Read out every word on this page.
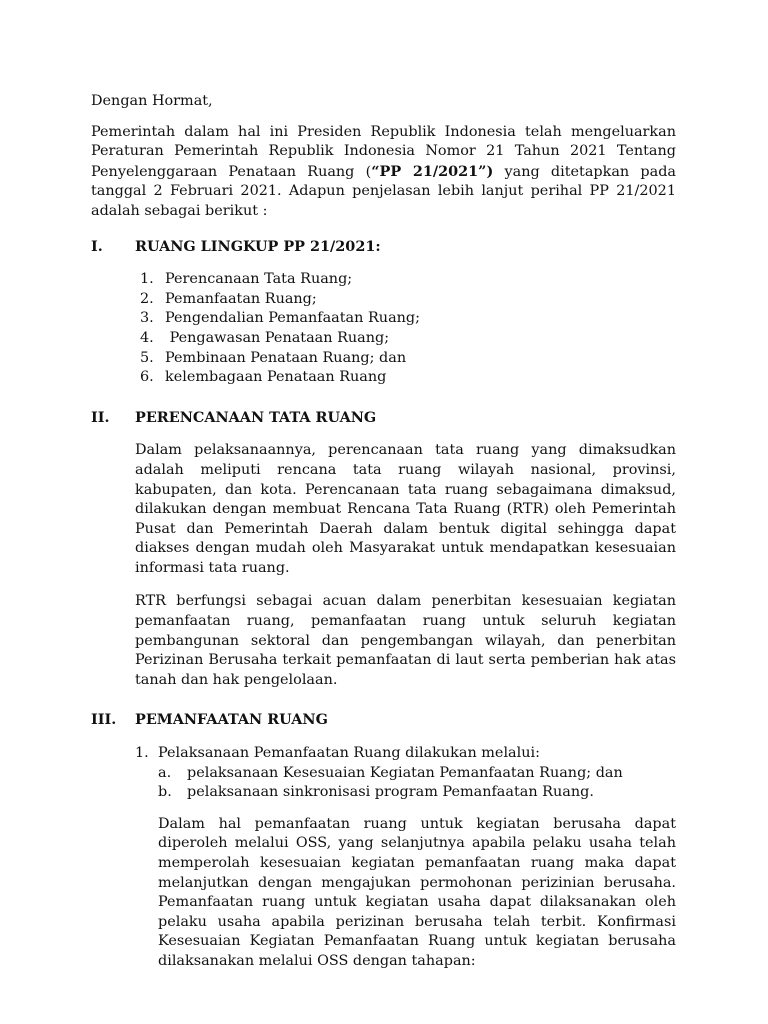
Dengan Hormat,

Pemerintah dalam hal ini Presiden Republik Indonesia telah mengeluarkan Peraturan Pemerintah Republik Indonesia Nomor 21 Tahun 2021 Tentang Penyelenggaraan Penataan Ruang (“PP 21/2021”) yang ditetapkan pada tanggal 2 Februari 2021. Adapun penjelasan lebih lanjut perihal PP 21/2021 adalah sebagai berikut :

I.	RUANG LINGKUP PP 21/2021:
1. Perencanaan Tata Ruang;
2. Pemanfaatan Ruang;
3. Pengendalian Pemanfaatan Ruang;
4. Pengawasan Penataan Ruang;
5. Pembinaan Penataan Ruang; dan
6. kelembagaan Penataan Ruang
II.	PERENCANAAN TATA RUANG

Dalam pelaksanaannya, perencanaan tata ruang yang dimaksudkan adalah meliputi rencana tata ruang wilayah nasional, provinsi, kabupaten, dan kota. Perencanaan tata ruang sebagaimana dimaksud, dilakukan dengan membuat Rencana Tata Ruang (RTR) oleh Pemerintah Pusat dan Pemerintah Daerah dalam bentuk digital sehingga dapat diakses dengan mudah oleh Masyarakat untuk mendapatkan kesesuaian informasi tata ruang.

RTR berfungsi sebagai acuan dalam penerbitan kesesuaian kegiatan pemanfaatan ruang, pemanfaatan ruang untuk seluruh kegiatan pembangunan sektoral dan pengembangan wilayah, dan penerbitan Perizinan Berusaha terkait pemanfaatan di laut serta pemberian hak atas tanah dan hak pengelolaan.

III.	PEMANFAATAN RUANG
1. Pelaksanaan Pemanfaatan Ruang dilakukan melalui:
a.	pelaksanaan Kesesuaian Kegiatan Pemanfaatan Ruang; dan
b.	pelaksanaan sinkronisasi program Pemanfaatan Ruang.

Dalam hal pemanfaatan ruang untuk kegiatan berusaha dapat diperoleh melalui OSS, yang selanjutnya apabila pelaku usaha telah memperolah kesesuaian kegiatan pemanfaatan ruang maka dapat melanjutkan dengan mengajukan permohonan perizinian berusaha. Pemanfaatan ruang untuk kegiatan usaha dapat dilaksanakan oleh pelaku usaha apabila perizinan berusaha telah terbit. Konfirmasi Kesesuaian Kegiatan Pemanfaatan Ruang untuk kegiatan berusaha dilaksanakan melalui OSS dengan tahapan:
